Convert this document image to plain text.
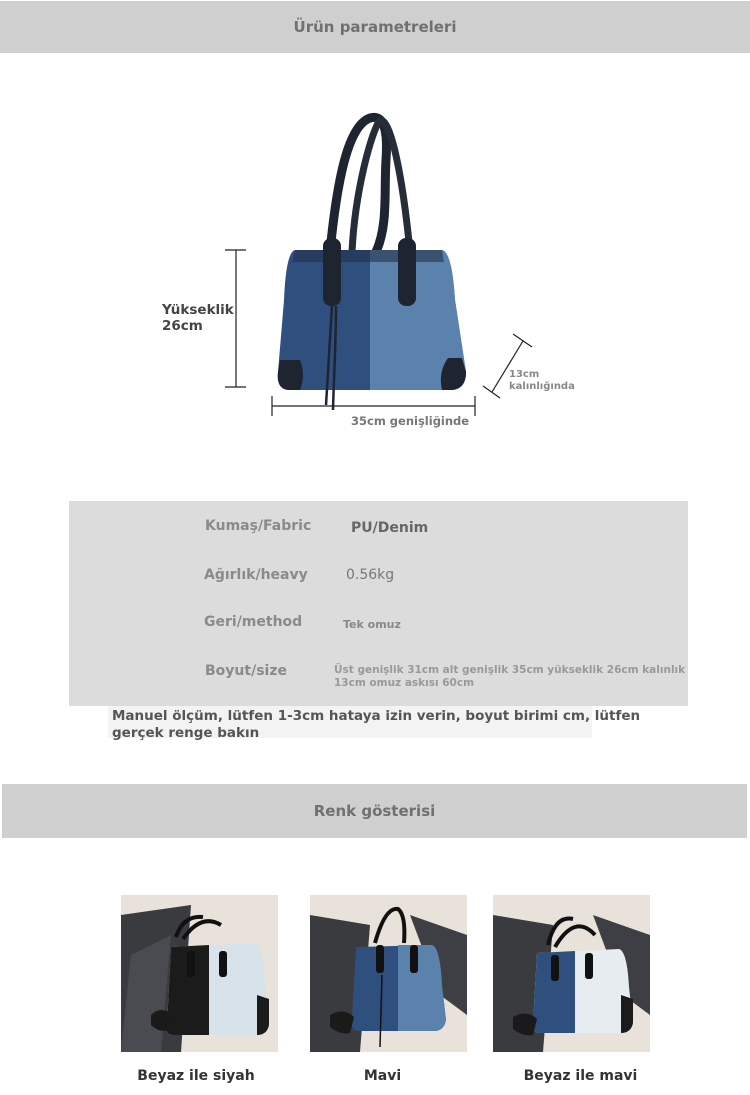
Ürün parametreleri
Yükseklik
26cm
35cm genişliğinde
13cm
kalınlığında
Kumaş/Fabric	PU/Denim
Ağırlık/heavy	0.56kg
Geri/method	Tek omuz
Boyut/size	Üst genişlik 31cm alt genişlik 35cm yükseklik 26cm kalınlık 13cm omuz askısı 60cm
Manuel ölçüm, lütfen 1-3cm hataya izin verin, boyut birimi cm, lütfen gerçek renge bakın
Renk gösterisi
Beyaz ile siyah	Mavi	Beyaz ile mavi
